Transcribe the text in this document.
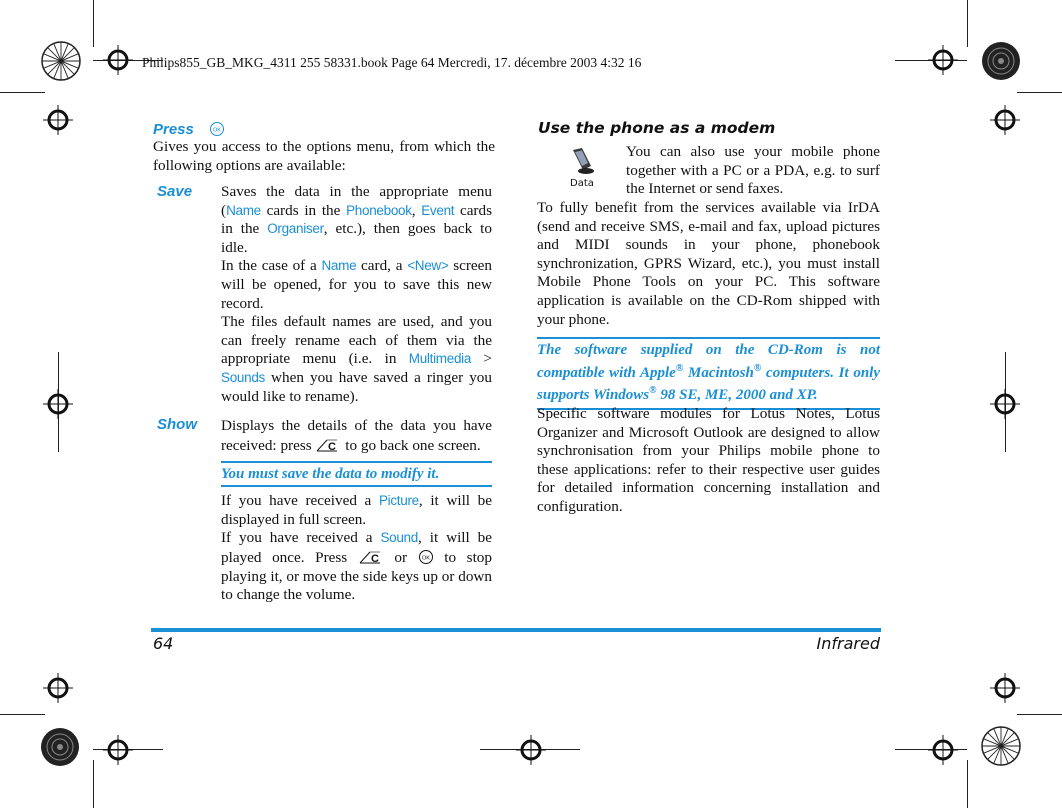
Philips855_GB_MKG_4311 255 58331.book Page 64 Mercredi, 17. décembre 2003 4:32 16
Press	OK

Gives you access to the options menu, from which the following options are available:

Save Saves the data in the appropriate menu (Name cards in the Phonebook, Event cards in the Organiser, etc.), then goes back to idle.

In the case of a Name card, a <New> screen will be opened, for you to save this new record.

The files default names are used, and you can freely rename each of them via the appropriate menu (i.e. in Multimedia > Sounds when you have saved a ringer you would like to rename).

Show Displays the details of the data you have received: press C to go back one screen.

You must save the data to modify it.

If you have received a Picture, it will be displayed in full screen.

If you have received a Sound, it will be played once. Press C or OK to stop playing it, or move the side keys up or down to change the volume.

Use the phone as a modem
Data

You can also use your mobile phone together with a PC or a PDA, e.g. to surf the Internet or send faxes.

To fully benefit from the services available via IrDA (send and receive SMS, e-mail and fax, upload pictures and MIDI sounds in your phone, phonebook synchronization, GPRS Wizard, etc.), you must install Mobile Phone Tools on your PC. This software application is available on the CD-Rom shipped with your phone.

The software supplied on the CD-Rom is not compatible with Apple® Macintosh® computers. It only supports Windows® 98 SE, ME, 2000 and XP.

Specific software modules for Lotus Notes, Lotus Organizer and Microsoft Outlook are designed to allow synchronisation from your Philips mobile phone to these applications: refer to their respective user guides for detailed information concerning installation and configuration.

64	Infrared
